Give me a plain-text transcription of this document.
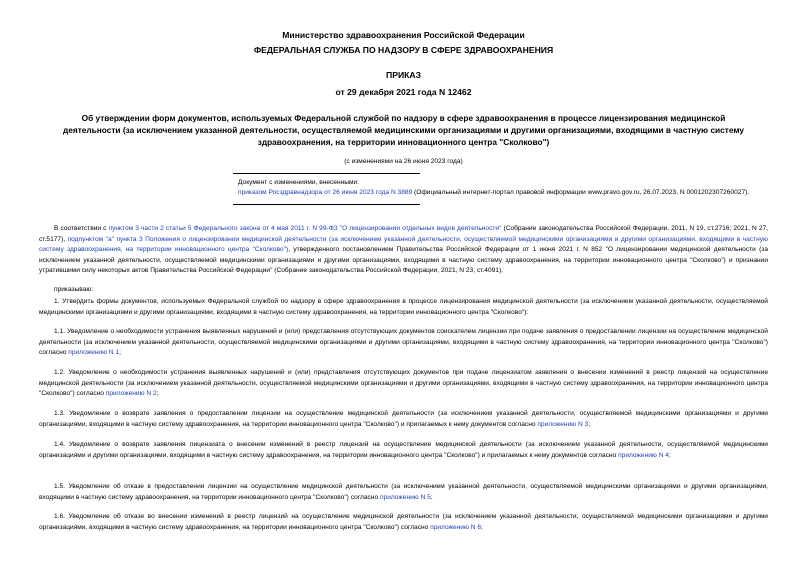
Министерство здравоохранения Российской Федерации
ФЕДЕРАЛЬНАЯ СЛУЖБА ПО НАДЗОРУ В СФЕРЕ ЗДРАВООХРАНЕНИЯ
ПРИКАЗ
от 29 декабря 2021 года N 12462
Об утверждении форм документов, используемых Федеральной службой по надзору в сфере здравоохранения в процессе лицензирования медицинской деятельности (за исключением указанной деятельности, осуществляемой медицинскими организациями и другими организациями, входящими в частную систему здравоохранения, на территории инновационного центра "Сколково")
(с изменениями на 26 июня 2023 года)
Документ с изменениями, внесенными:
приказом Росздравнадзора от 26 июня 2023 года N 3889 (Официальный интернет-портал правовой информации www.pravo.gov.ru, 26.07.2023, N 0001202307260027).
В соответствии с пунктом 3 части 2 статьи 5 Федерального закона от 4 мая 2011 г. N 99-ФЗ "О лицензировании отдельных видов деятельности" (Собрание законодательства Российской Федерации, 2011, N 19, ст.2716; 2021, N 27, ст.5177), подпунктом "а" пункта 3 Положения о лицензировании медицинской деятельности (за исключением указанной деятельности, осуществляемой медицинскими организациями и другими организациями, входящими в частную систему здравоохранения, на территории инновационного центра "Сколково"), утвержденного постановлением Правительства Российской Федерации от 1 июня 2021 г. N 852 "О лицензировании медицинской деятельности (за исключением указанной деятельности, осуществляемой медицинскими организациями и другими организациями, входящими в частную систему здравоохранения, на территории инновационного центра "Сколково") и признании утратившими силу некоторых актов Правительства Российской Федерации" (Собрание законодательства Российской Федерации, 2021, N 23, ст.4091),
приказываю:
1. Утвердить формы документов, используемых Федеральной службой по надзору в сфере здравоохранения в процессе лицензирования медицинской деятельности (за исключением указанной деятельности, осуществляемой медицинскими организациями и другими организациями, входящими в частную систему здравоохранения, на территории инновационного центра "Сколково"):
1.1. Уведомление о необходимости устранения выявленных нарушений и (или) представления отсутствующих документов соискателем лицензии при подаче заявления о предоставлении лицензии на осуществление медицинской деятельности (за исключением указанной деятельности, осуществляемой медицинскими организациями и другими организациями, входящими в частную систему здравоохранения, на территории инновационного центра "Сколково") согласно приложению N 1;
1.2. Уведомление о необходимости устранения выявленных нарушений и (или) представления отсутствующих документов при подаче лицензиатом заявления о внесении изменений в реестр лицензий на осуществление медицинской деятельности (за исключением указанной деятельности, осуществляемой медицинскими организациями и другими организациями, входящими в частную систему здравоохранения, на территории инновационного центра "Сколково") согласно приложению N 2;
1.3. Уведомление о возврате заявления о предоставлении лицензии на осуществление медицинской деятельности (за исключением указанной деятельности, осуществляемой медицинскими организациями и другими организациями, входящими в частную систему здравоохранения, на территории инновационного центра "Сколково") и прилагаемых к нему документов согласно приложению N 3;
1.4. Уведомление о возврате заявления лицензиата о внесении изменений в реестр лицензий на осуществление медицинской деятельности (за исключением указанной деятельности, осуществляемой медицинскими организациями и другими организациями, входящими в частную систему здравоохранения, на территории инновационного центра "Сколково") и прилагаемых к нему документов согласно приложению N 4;
1.5. Уведомление об отказе в предоставлении лицензии на осуществление медицинской деятельности (за исключением указанной деятельности, осуществляемой медицинскими организациями и другими организациями, входящими в частную систему здравоохранения, на территории инновационного центра "Сколково") согласно приложению N 5;
1.6. Уведомление об отказе во внесении изменений в реестр лицензий на осуществление медицинской деятельности (за исключением указанной деятельности, осуществляемой медицинскими организациями и другими организациями, входящими в частную систему здравоохранения, на территории инновационного центра "Сколково") согласно приложению N 6;
